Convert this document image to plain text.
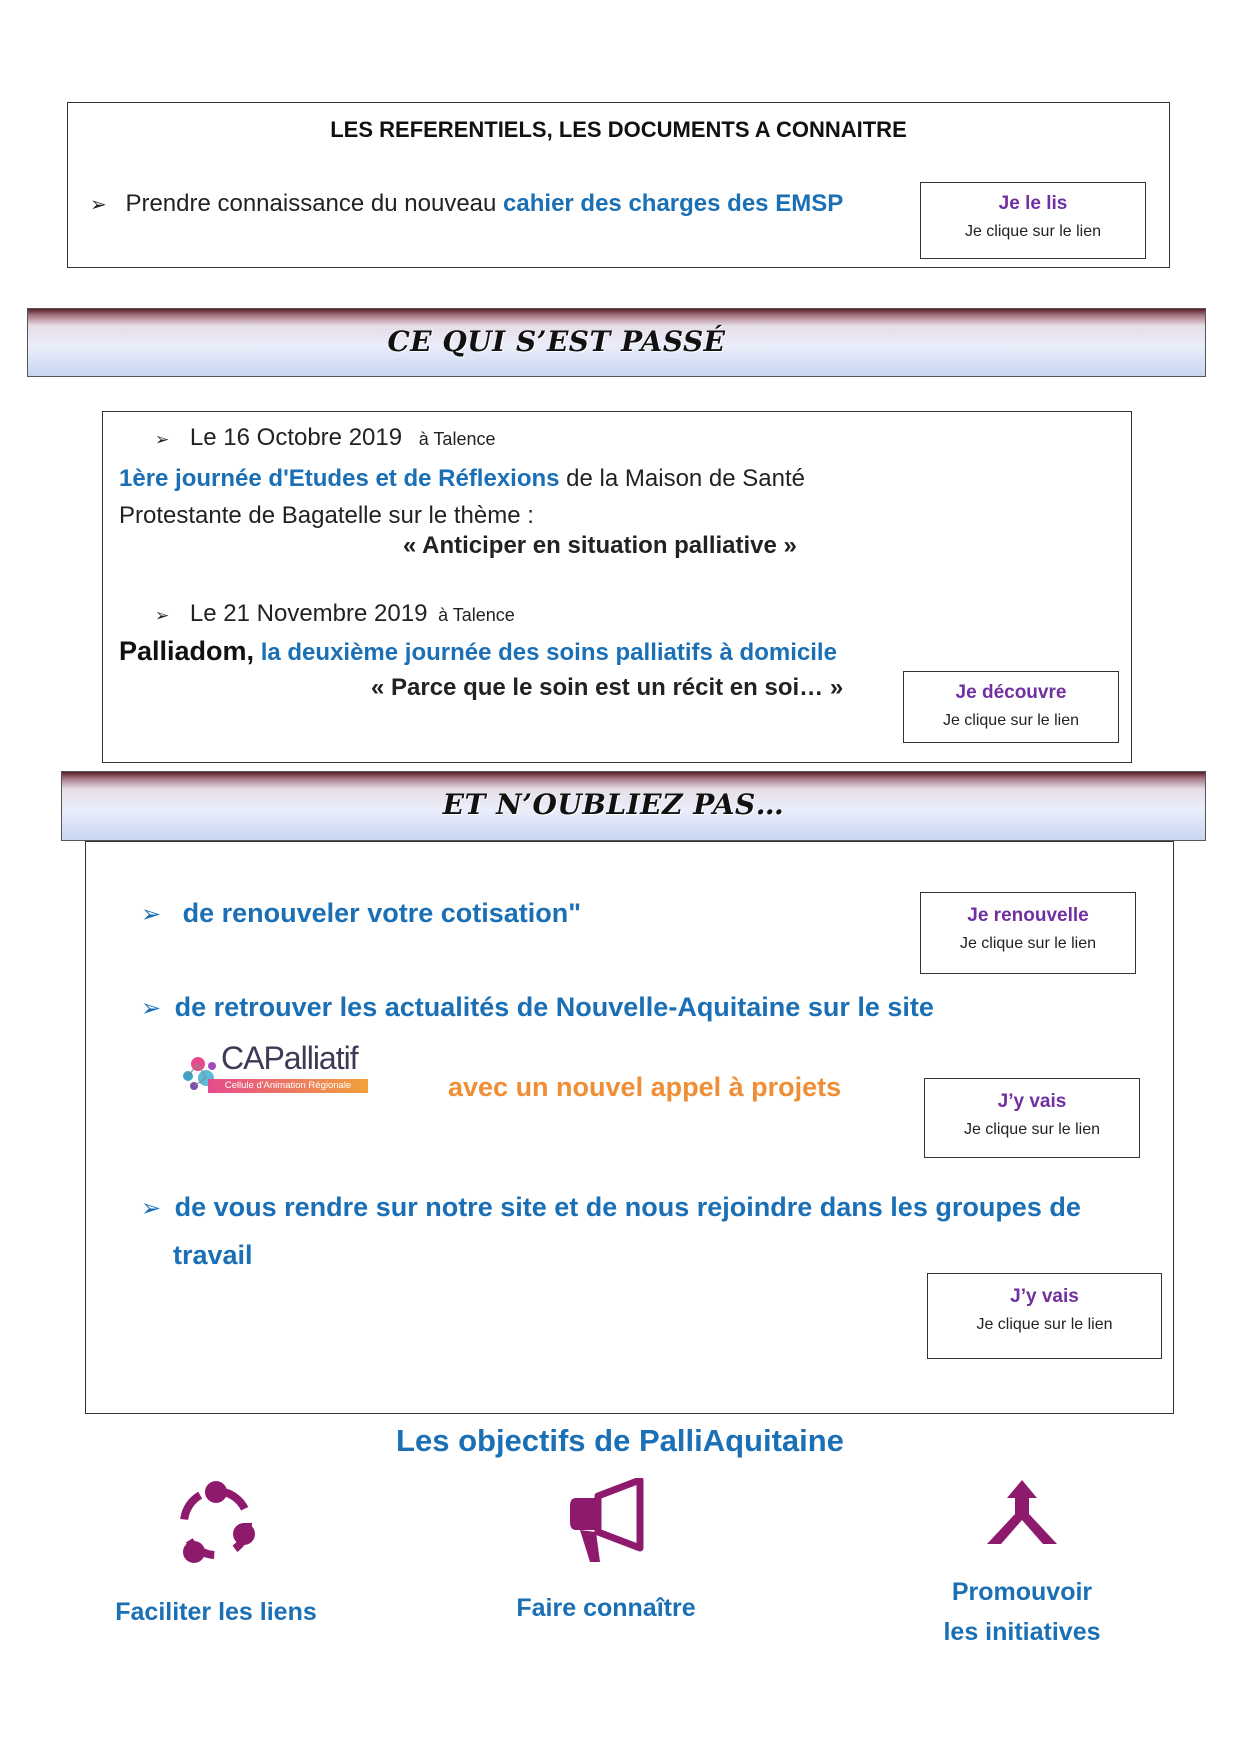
LES REFERENTIELS, LES DOCUMENTS A CONNAITRE
➢ Prendre connaissance du nouveau cahier des charges des EMSP	Je le lis
Je clique sur le lien
CE QUI S’EST PASSÉ
➢ Le 16 Octobre 2019 à Talence
1ère journée d'Etudes et de Réflexions de la Maison de Santé
Protestante de Bagatelle sur le thème :
« Anticiper en situation palliative »
➢ Le 21 Novembre 2019 à Talence
Palliadom, la deuxième journée des soins palliatifs à domicile
« Parce que le soin est un récit en soi… »	Je découvre
Je clique sur le lien
➢ de renouveler votre cotisation"	Je renouvelle
Je clique sur le lien
➢ de retrouver les actualités de Nouvelle-Aquitaine sur le site
CAPalliatif
Cellule d'Animation Régionale	avec un nouvel appel à projets	J’y vais
Je clique sur le lien
➢ de vous rendre sur notre site et de nous rejoindre dans les groupes de
travail
J’y vais
Je clique sur le lien
ET N’OUBLIEZ PAS…
Les objectifs de PalliAquitaine
Faciliter les liens	Faire connaître
Promouvoir
les initiatives
